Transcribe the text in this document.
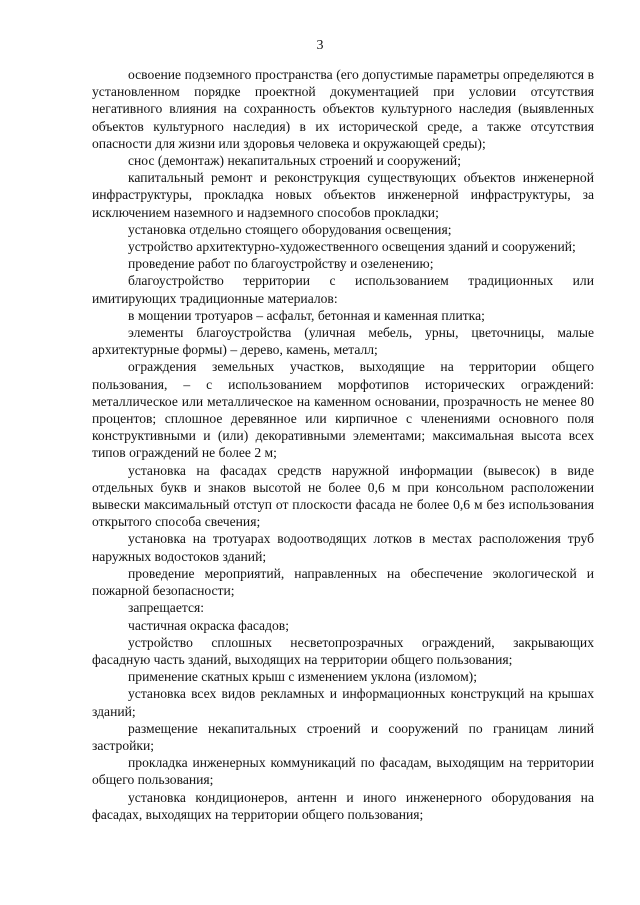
3

освоение подземного пространства (его допустимые параметры определяются в установленном порядке проектной документацией при условии отсутствия негативного влияния на сохранность объектов культурного наследия (выявленных объектов культурного наследия) в их исторической среде, а также отсутствия опасности для жизни или здоровья человека и окружающей среды);

снос (демонтаж) некапитальных строений и сооружений;

капитальный ремонт и реконструкция существующих объектов инженерной инфраструктуры, прокладка новых объектов инженерной инфраструктуры, за исключением наземного и надземного способов прокладки;

установка отдельно стоящего оборудования освещения;

устройство архитектурно-художественного освещения зданий и сооружений;

проведение работ по благоустройству и озеленению;

благоустройство территории с использованием традиционных или имитирующих традиционные материалов:

в мощении тротуаров – асфальт, бетонная и каменная плитка;

элементы благоустройства (уличная мебель, урны, цветочницы, малые архитектурные формы) – дерево, камень, металл;

ограждения земельных участков, выходящие на территории общего пользования, – с использованием морфотипов исторических ограждений: металлическое или металлическое на каменном основании, прозрачность не менее 80 процентов; сплошное деревянное или кирпичное с членениями основного поля конструктивными и (или) декоративными элементами; максимальная высота всех типов ограждений не более 2 м;

установка на фасадах средств наружной информации (вывесок) в виде отдельных букв и знаков высотой не более 0,6 м при консольном расположении вывески максимальный отступ от плоскости фасада не более 0,6 м без использования открытого способа свечения;

установка на тротуарах водоотводящих лотков в местах расположения труб наружных водостоков зданий;

проведение мероприятий, направленных на обеспечение экологической и пожарной безопасности;

запрещается:

частичная окраска фасадов;

устройство сплошных несветопрозрачных ограждений, закрывающих фасадную часть зданий, выходящих на территории общего пользования;

применение скатных крыш с изменением уклона (изломом);

установка всех видов рекламных и информационных конструкций на крышах зданий;

размещение некапитальных строений и сооружений по границам линий застройки;

прокладка инженерных коммуникаций по фасадам, выходящим на территории общего пользования;

установка кондиционеров, антенн и иного инженерного оборудования на фасадах, выходящих на территории общего пользования;
